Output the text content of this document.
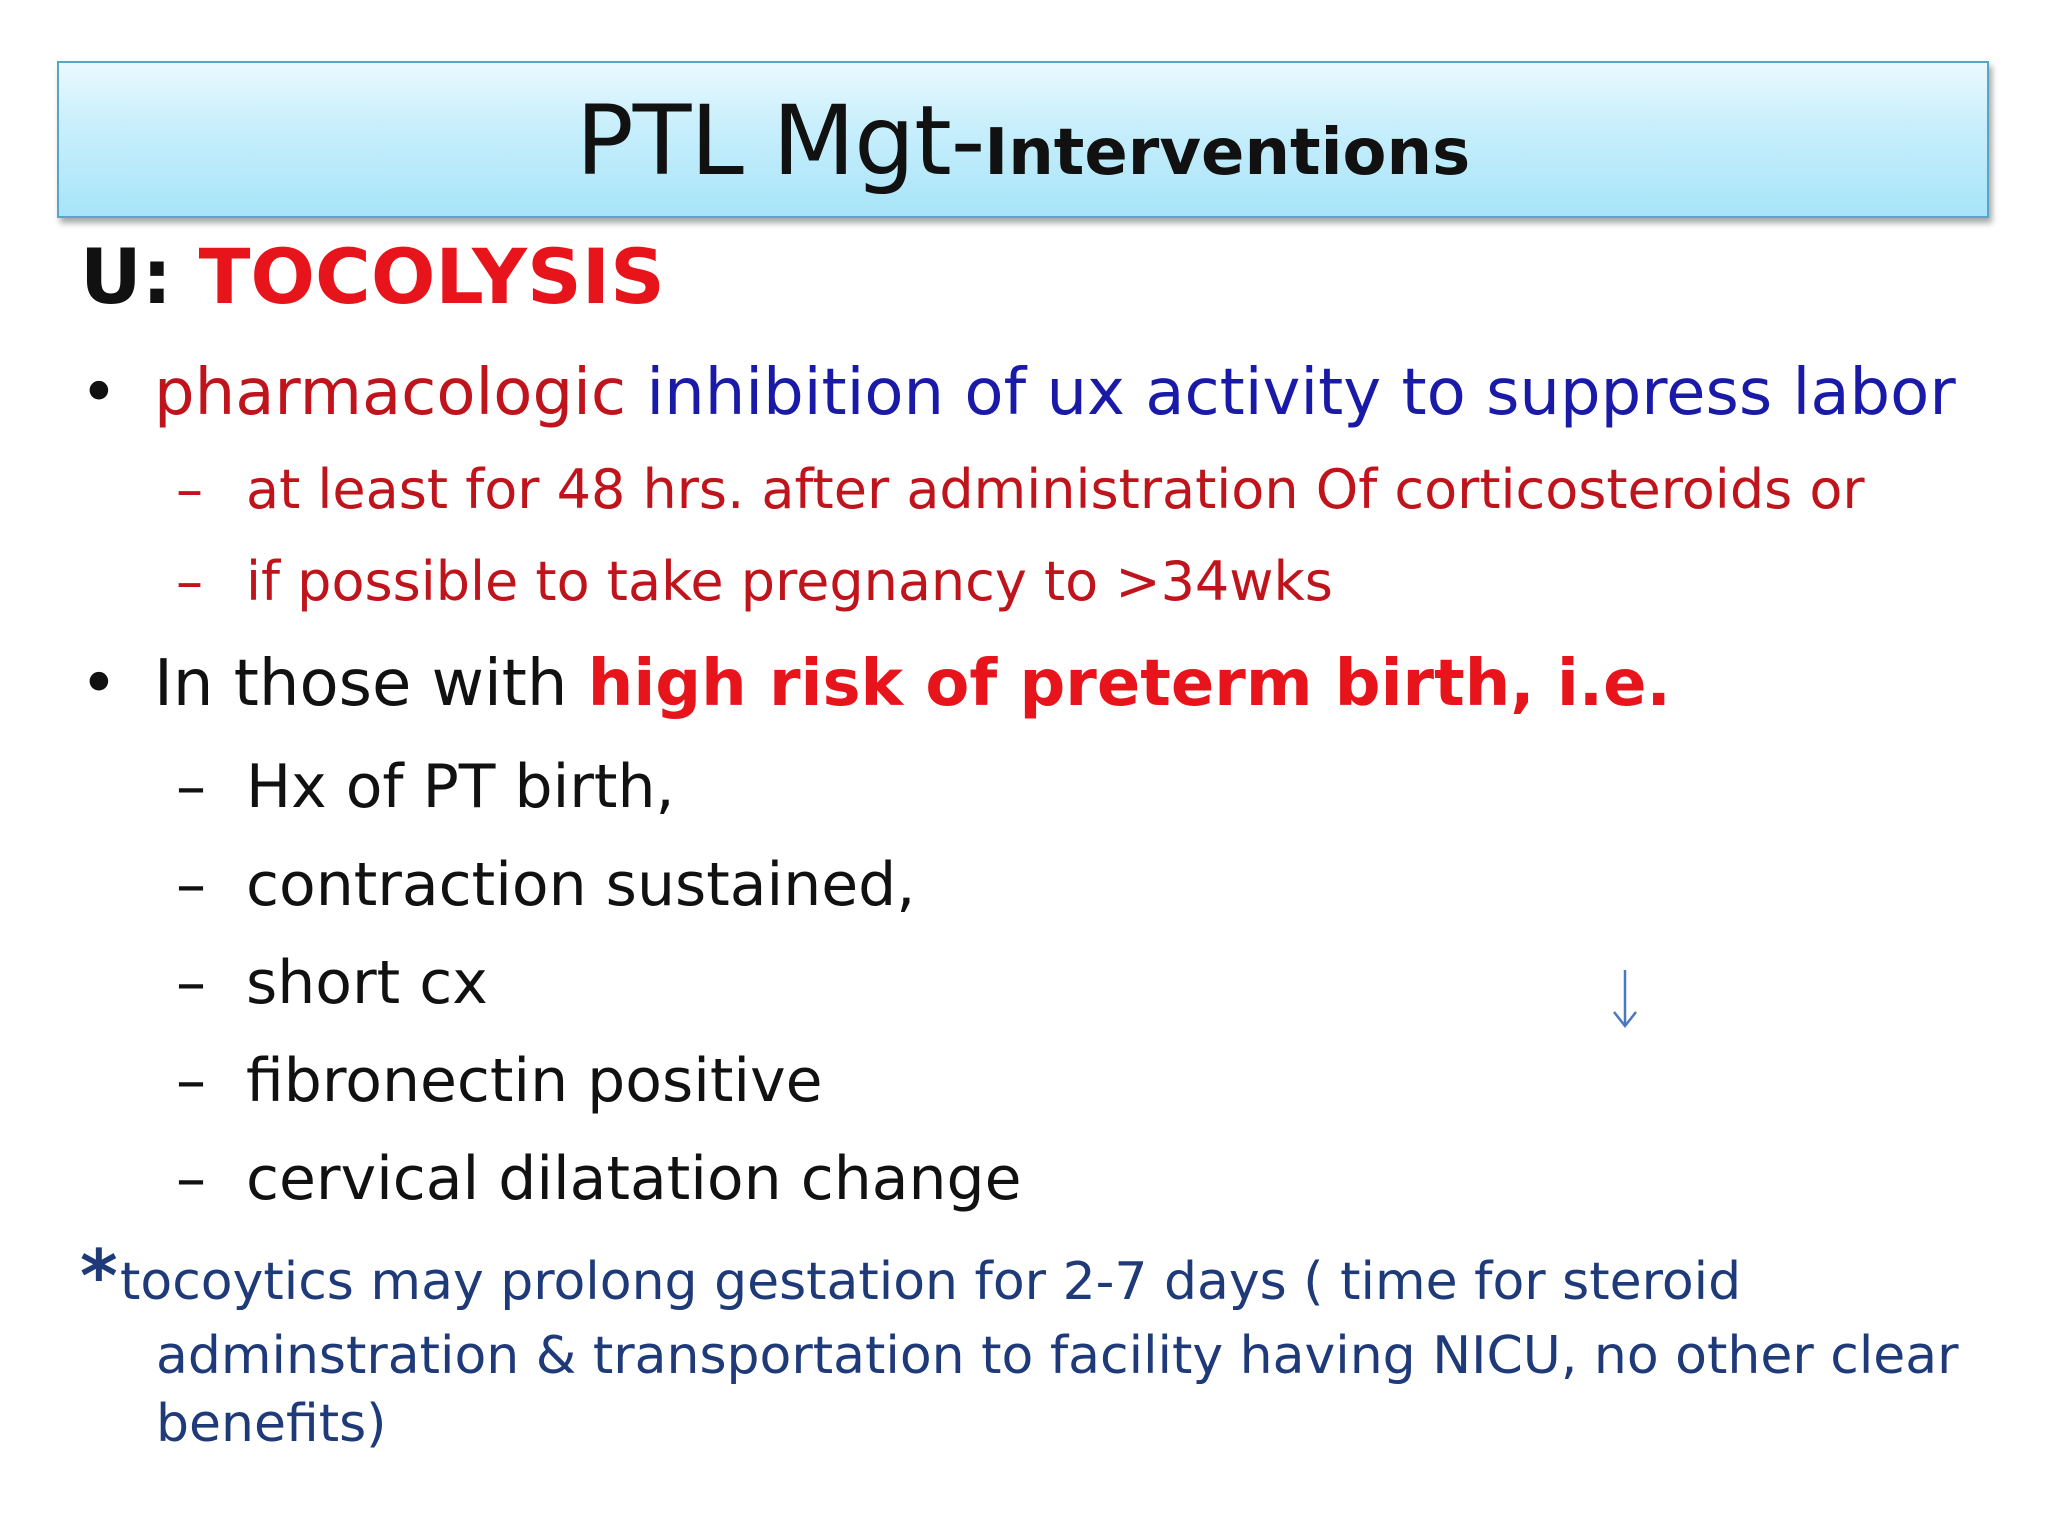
PTL Mgt-Interventions
U: TOCOLYSIS
• pharmacologic inhibition of ux activity to suppress labor
– at least for 48 hrs. after administration Of corticosteroids or
– if possible to take pregnancy to >34wks
• In those with high risk of preterm birth, i.e.
– Hx of PT birth,
– contraction sustained,
– short cx
– fibronectin positive
– cervical dilatation change
* tocoytics may prolong gestation for 2-7 days ( time for steroid
adminstration & transportation to facility having NICU, no other clear
benefits)
